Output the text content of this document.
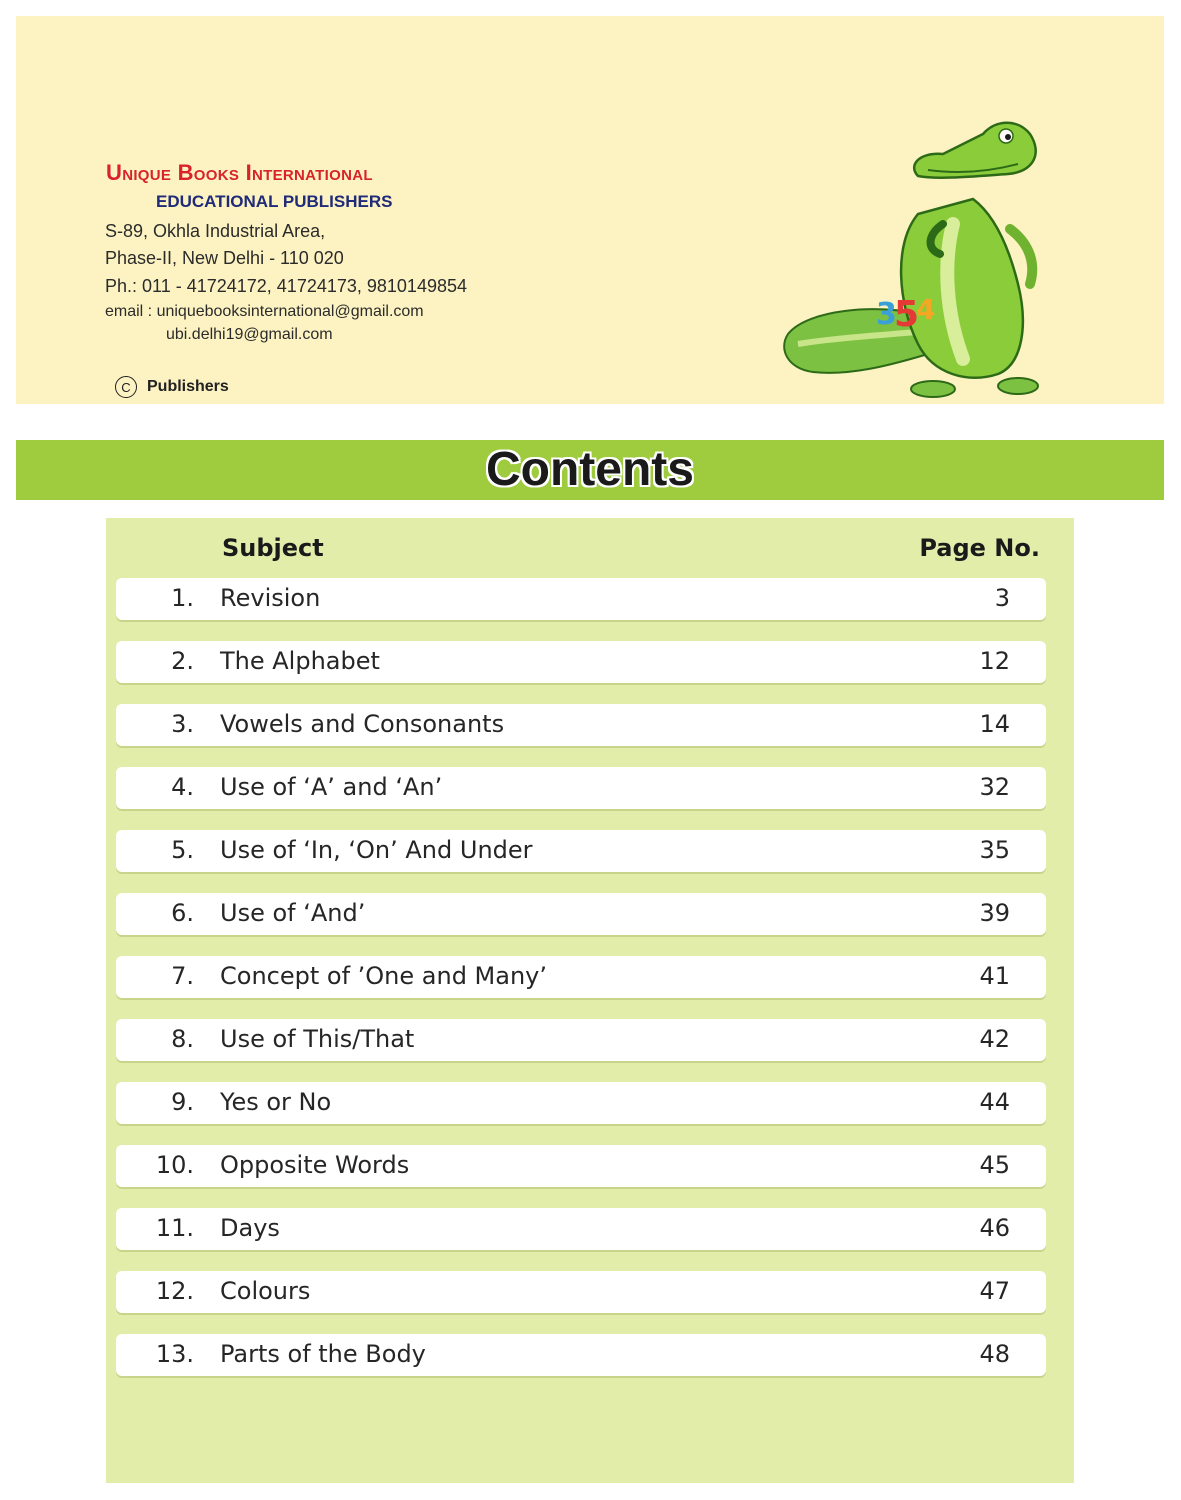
Unique Books International
EDUCATIONAL PUBLISHERS
S-89, Okhla Industrial Area,
Phase-II, New Delhi - 110 020
Ph.: 011 - 41724172, 41724173, 9810149854
email : uniquebooksinternational@gmail.com
ubi.delhi19@gmail.com
C	Publishers
3
5
4
Contents
Subject	Page No.
1. Revision	3
2. The Alphabet	12
3. Vowels and Consonants	14
4. Use of ‘A’ and ‘An’	32
5. Use of ‘In, ‘On’ And Under	35
6. Use of ‘And’	39
7. Concept of ’One and Many’	41
8. Use of This/That	42
9. Yes or No	44
10. Opposite Words	45
11. Days	46
12. Colours	47
13. Parts of the Body	48
